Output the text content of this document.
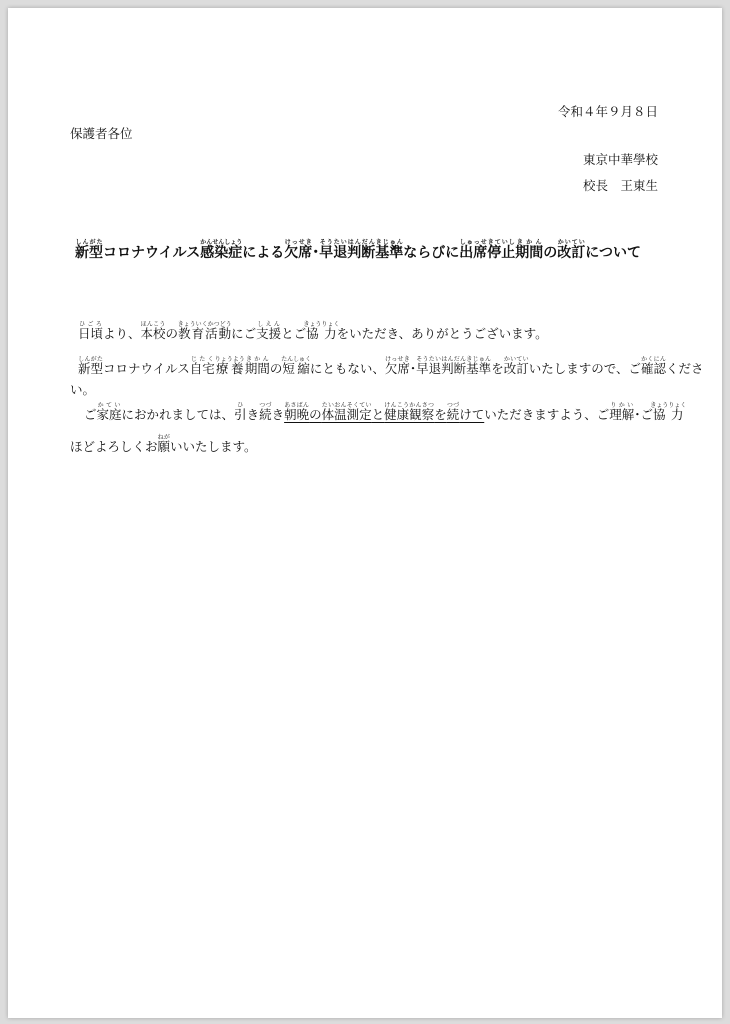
令和４年９月８日
保護者各位
東京中華學校
校長　王東生
新型しんがたコロナウイルス感染症かんせんしょうによる欠席けっせき･早退そうたい判断基準はんだんきじゅんならびに出席停止しゅっせきていし期間きかんの改訂かいていについて
日頃ひごろより、本校ほんこうの教育活動きょういくかつどうにご支援しえんとご協力きょうりょくをいただき、ありがとうございます。
新型しんがたコロナウイルス自宅じたく療養りょうよう期間きかんの短縮たんしゅくにともない、欠席けっせき･早退そうたい判断基準はんだんきじゅんを改訂かいていいたしますので、ご確認かくにんくださ
い。
ご家庭かていにおかれましては、引ひき続つづき朝晩あさばんの体温測定たいおんそくていと健康観察けんこうかんさつを続つづけていただきますよう、ご理解りかい･ご協力きょうりょく
ほどよろしくお願ねがいいたします。
